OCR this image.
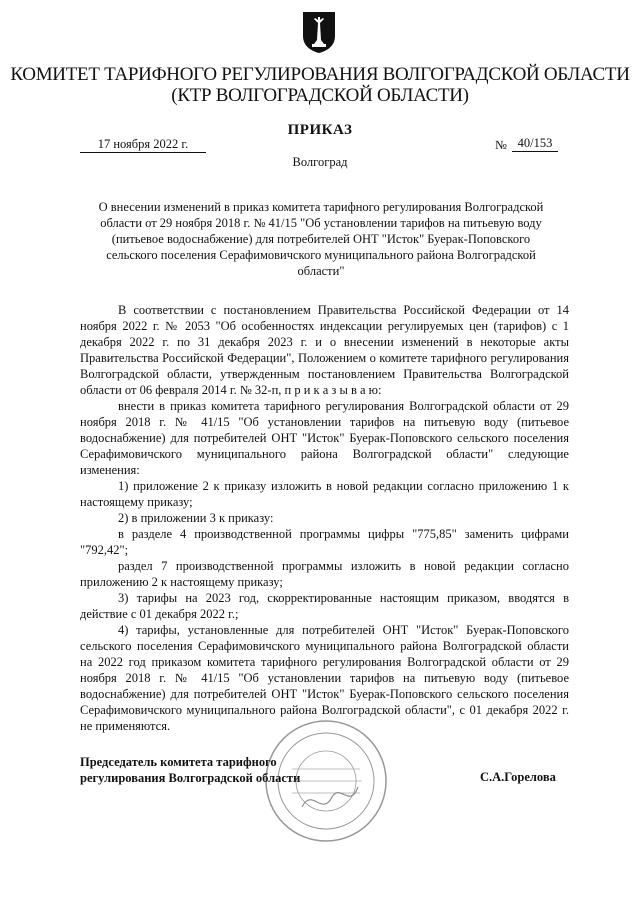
КОМИТЕТ ТАРИФНОГО РЕГУЛИРОВАНИЯ ВОЛГОГРАДСКОЙ ОБЛАСТИ
(КТР ВОЛГОГРАДСКОЙ ОБЛАСТИ)
ПРИКАЗ
17 ноября 2022 г.	№ 40/153
Волгоград
О внесении изменений в приказ комитета тарифного регулирования Волгоградской области от 29 ноября 2018 г. № 41/15 "Об установлении тарифов на питьевую воду (питьевое водоснабжение) для потребителей ОНТ "Исток" Буерак-Поповского сельского поселения Серафимовичского муниципального района Волгоградской области"

В соответствии с постановлением Правительства Российской Федерации от 14 ноября 2022 г. № 2053 "Об особенностях индексации регулируемых цен (тарифов) с 1 декабря 2022 г. по 31 декабря 2023 г. и о внесении изменений в некоторые акты Правительства Российской Федерации", Положением о комитете тарифного регулирования Волгоградской области, утвержденным постановлением Правительства Волгоградской области от 06 февраля 2014 г. № 32-п, п р и к а з ы в а ю:

внести в приказ комитета тарифного регулирования Волгоградской области от 29 ноября 2018 г. № 41/15 "Об установлении тарифов на питьевую воду (питьевое водоснабжение) для потребителей ОНТ "Исток" Буерак-Поповского сельского поселения Серафимовичского муниципального района Волгоградской области" следующие изменения:

1) приложение 2 к приказу изложить в новой редакции согласно приложению 1 к настоящему приказу;

2) в приложении 3 к приказу:

в разделе 4 производственной программы цифры "775,85" заменить цифрами "792,42";

раздел 7 производственной программы изложить в новой редакции согласно приложению 2 к настоящему приказу;

3) тарифы на 2023 год, скорректированные настоящим приказом, вводятся в действие с 01 декабря 2022 г.;

4) тарифы, установленные для потребителей ОНТ "Исток" Буерак-Поповского сельского поселения Серафимовичского муниципального района Волгоградской области на 2022 год приказом комитета тарифного регулирования Волгоградской области от 29 ноября 2018 г. № 41/15 "Об установлении тарифов на питьевую воду (питьевое водоснабжение) для потребителей ОНТ "Исток" Буерак-Поповского сельского поселения Серафимовичского муниципального района Волгоградской области", с 01 декабря 2022 г. не применяются.

Председатель комитета тарифного
регулирования Волгоградской области	С.А.Горелова
